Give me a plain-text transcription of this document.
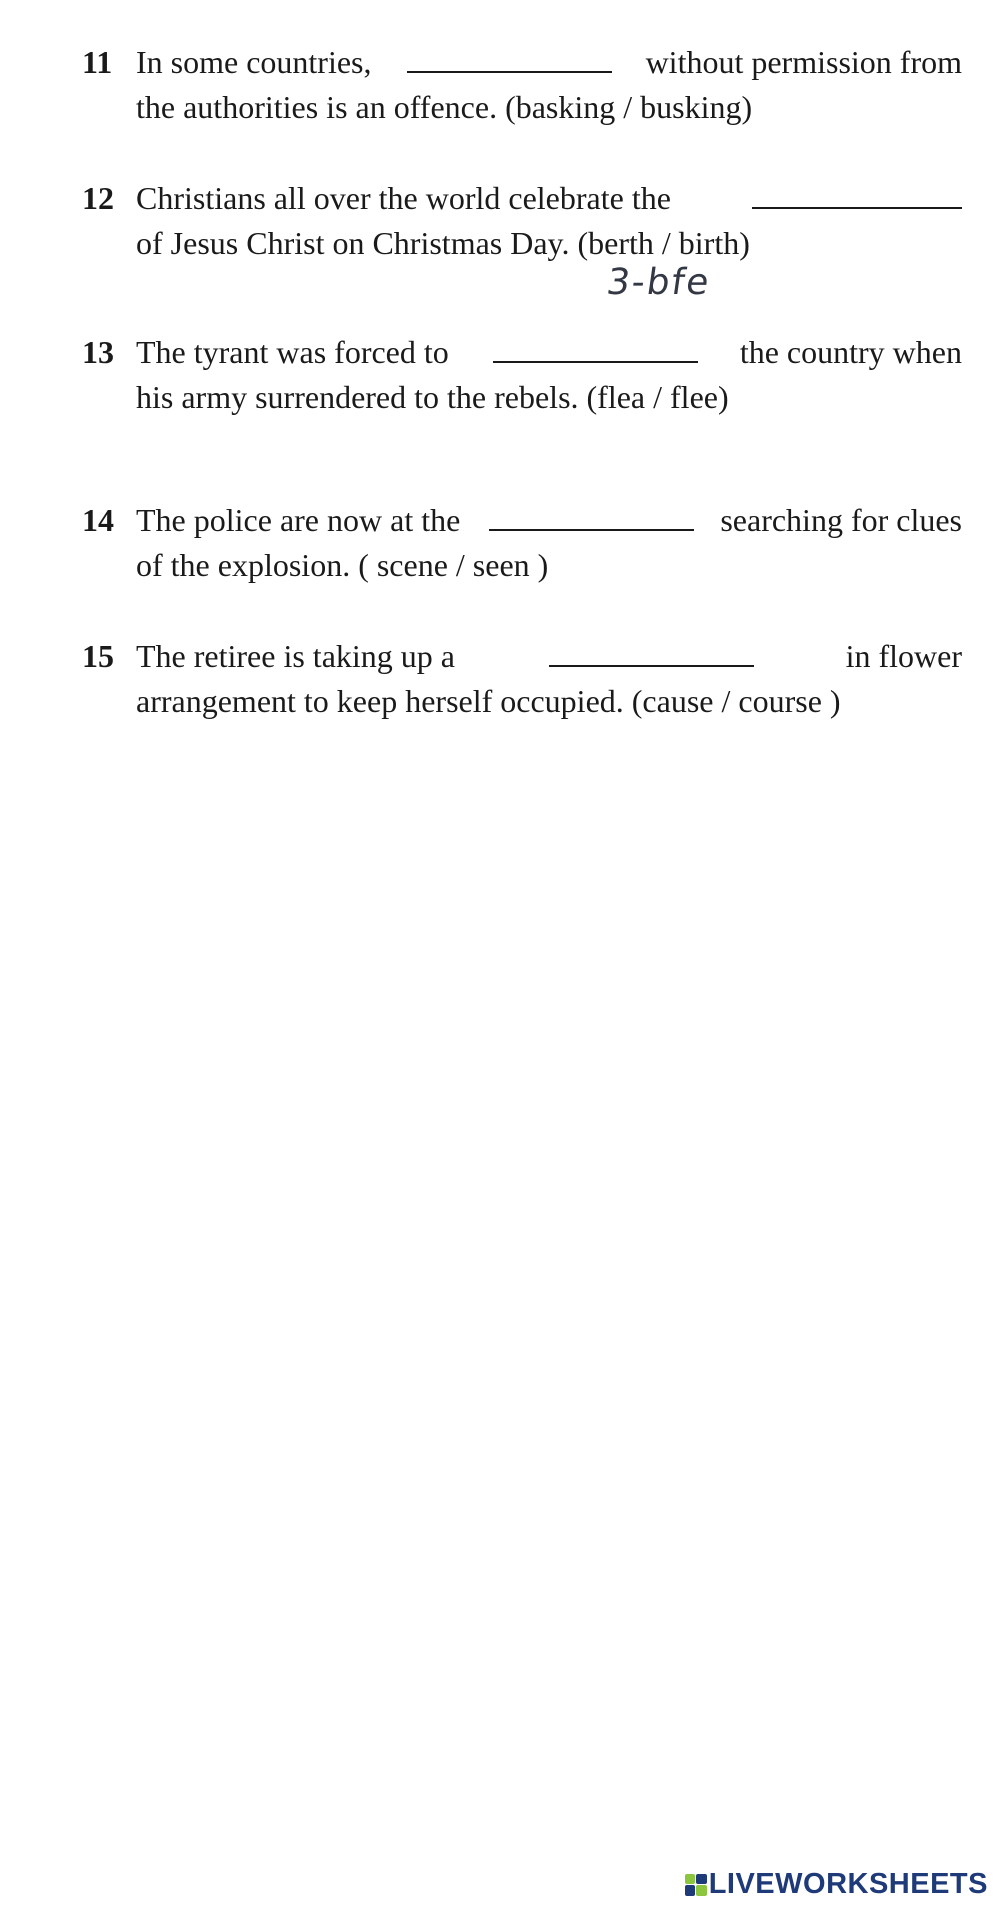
11 In some countries,	without permission from
the authorities is an offence. (basking / busking)
12 Christians all over the world celebrate the
of Jesus Christ on Christmas Day. (berth / birth)
3-bfe
13 The tyrant was forced to	the country when
his army surrendered to the rebels. (flea / flee)
14 The police are now at the	searching for clues
of the explosion. ( scene / seen )
15 The retiree is taking up a	in flower
arrangement to keep herself occupied. (cause / course )
LIVEWORKSHEETS
